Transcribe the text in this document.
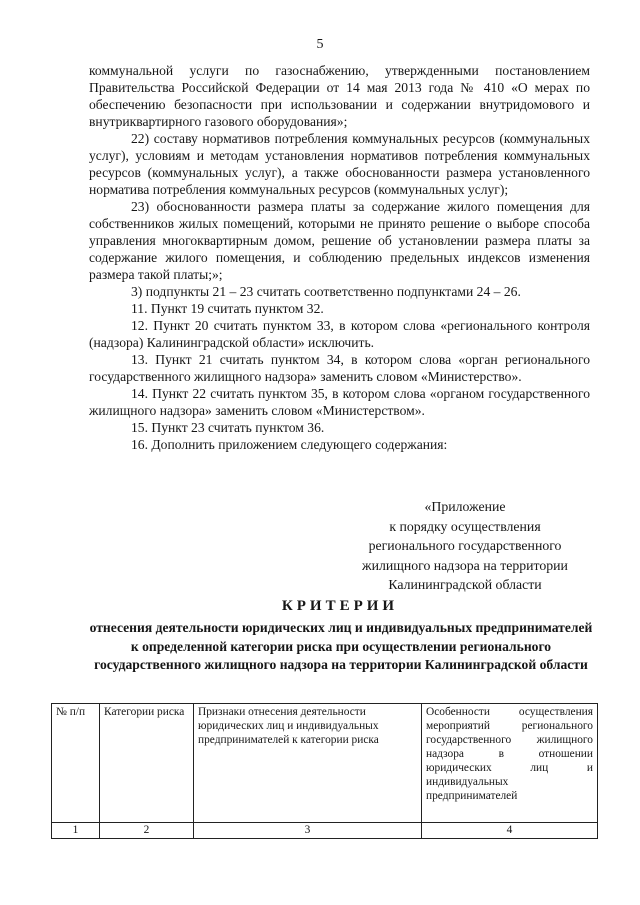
5

коммунальной услуги по газоснабжению, утвержденными постановлением Правительства Российской Федерации от 14 мая 2013 года № 410 «О мерах по обеспечению безопасности при использовании и содержании внутридомового и внутриквартирного газового оборудования»;

22) составу нормативов потребления коммунальных ресурсов (коммунальных услуг), условиям и методам установления нормативов потребления коммунальных ресурсов (коммунальных услуг), а также обоснованности размера установленного норматива потребления коммунальных ресурсов (коммунальных услуг);

23) обоснованности размера платы за содержание жилого помещения для собственников жилых помещений, которыми не принято решение о выборе способа управления многоквартирным домом, решение об установлении размера платы за содержание жилого помещения, и соблюдению предельных индексов изменения размера такой платы;»;

3) подпункты 21 – 23 считать соответственно подпунктами 24 – 26.

11. Пункт 19 считать пунктом 32.

12. Пункт 20 считать пунктом 33, в котором слова «регионального контроля (надзора) Калининградской области» исключить.

13. Пункт 21 считать пунктом 34, в котором слова «орган регионального государственного жилищного надзора» заменить словом «Министерство».

14. Пункт 22 считать пунктом 35, в котором слова «органом государственного жилищного надзора» заменить словом «Министерством».

15. Пункт 23 считать пунктом 36.

16. Дополнить приложением следующего содержания:

«Приложение
к порядку осуществления
регионального государственного
жилищного надзора на территории
Калининградской области
КРИТЕРИИ
отнесения деятельности юридических лиц и индивидуальных предпринимателей к определенной категории риска при осуществлении регионального государственного жилищного надзора на территории Калининградской области
№ п/п	Категории риска	Признаки отнесения деятельности юридических лиц и индивидуальных предпринимателей к категории риска	Особенности осуществления мероприятий регионального государственного жилищного надзора в отношении юридических лиц и индивидуальных предпринимателей
1	2	3	4
